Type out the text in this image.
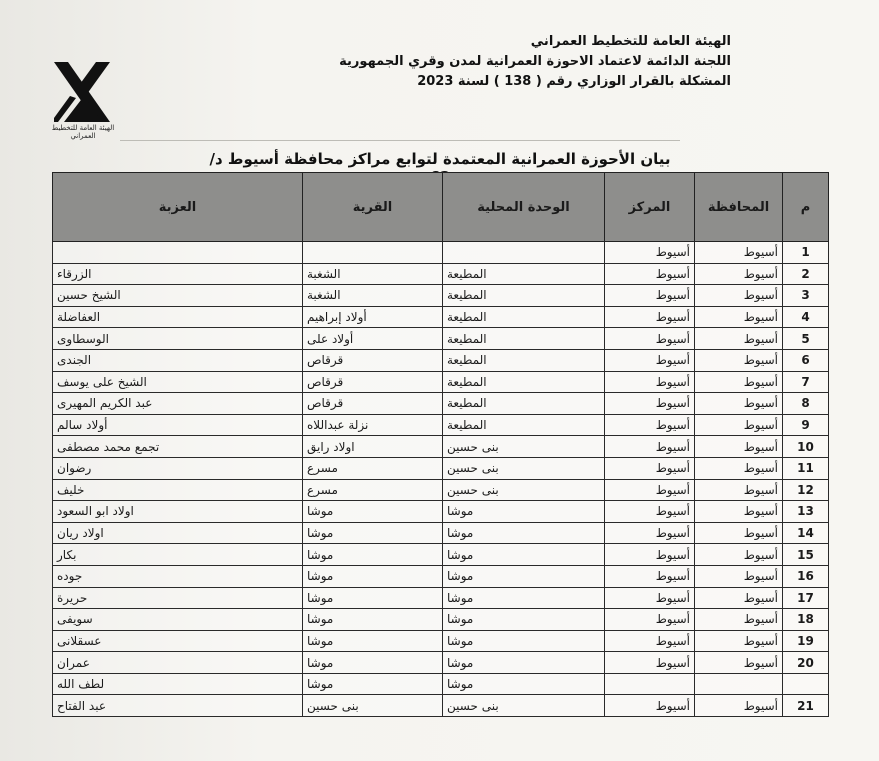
الهيئة العامة للتخطيط العمراني
الهيئة العامة للتخطيط العمراني
اللجنة الدائمة لاعتماد الاحوزة العمرانية لمدن وقري الجمهورية
المشكلة بالقرار الوزاري رقم ( 138 ) لسنة 2023
بيان الأحوزة العمرانية المعتمدة لتوابع مراكز محافظة أسيوط د/
م	المحافظة	المركز	الوحدة المحلية	القرية	العزبة
1	أسيوط	أسيوط			
2	أسيوط	أسيوط	المطيعة	الشغبة	الزرقاء
3	أسيوط	أسيوط	المطيعة	الشغبة	الشيخ حسين
4	أسيوط	أسيوط	المطيعة	أولاد إبراهيم	العفاضلة
5	أسيوط	أسيوط	المطيعة	أولاد على	الوسطاوى
6	أسيوط	أسيوط	المطيعة	قرقاص	الجندى
7	أسيوط	أسيوط	المطيعة	قرقاص	الشيخ على يوسف
8	أسيوط	أسيوط	المطيعة	قرقاص	عبد الكريم المهيرى
9	أسيوط	أسيوط	المطيعة	نزلة عبداللاه	أولاد سالم
10	أسيوط	أسيوط	بنى حسين	اولاد رايق	تجمع محمد مصطفى
11	أسيوط	أسيوط	بنى حسين	مسرع	رضوان
12	أسيوط	أسيوط	بنى حسين	مسرع	خليف
13	أسيوط	أسيوط	موشا	موشا	اولاد ابو السعود
14	أسيوط	أسيوط	موشا	موشا	اولاد ريان
15	أسيوط	أسيوط	موشا	موشا	بكار
16	أسيوط	أسيوط	موشا	موشا	جوده
17	أسيوط	أسيوط	موشا	موشا	حريرة
18	أسيوط	أسيوط	موشا	موشا	سويفى
19	أسيوط	أسيوط	موشا	موشا	عسقلانى
20	أسيوط	أسيوط	موشا	موشا	عمران
			موشا	موشا	لطف الله
21	أسيوط	أسيوط	بنى حسين	بنى حسين	عبد الفتاح
